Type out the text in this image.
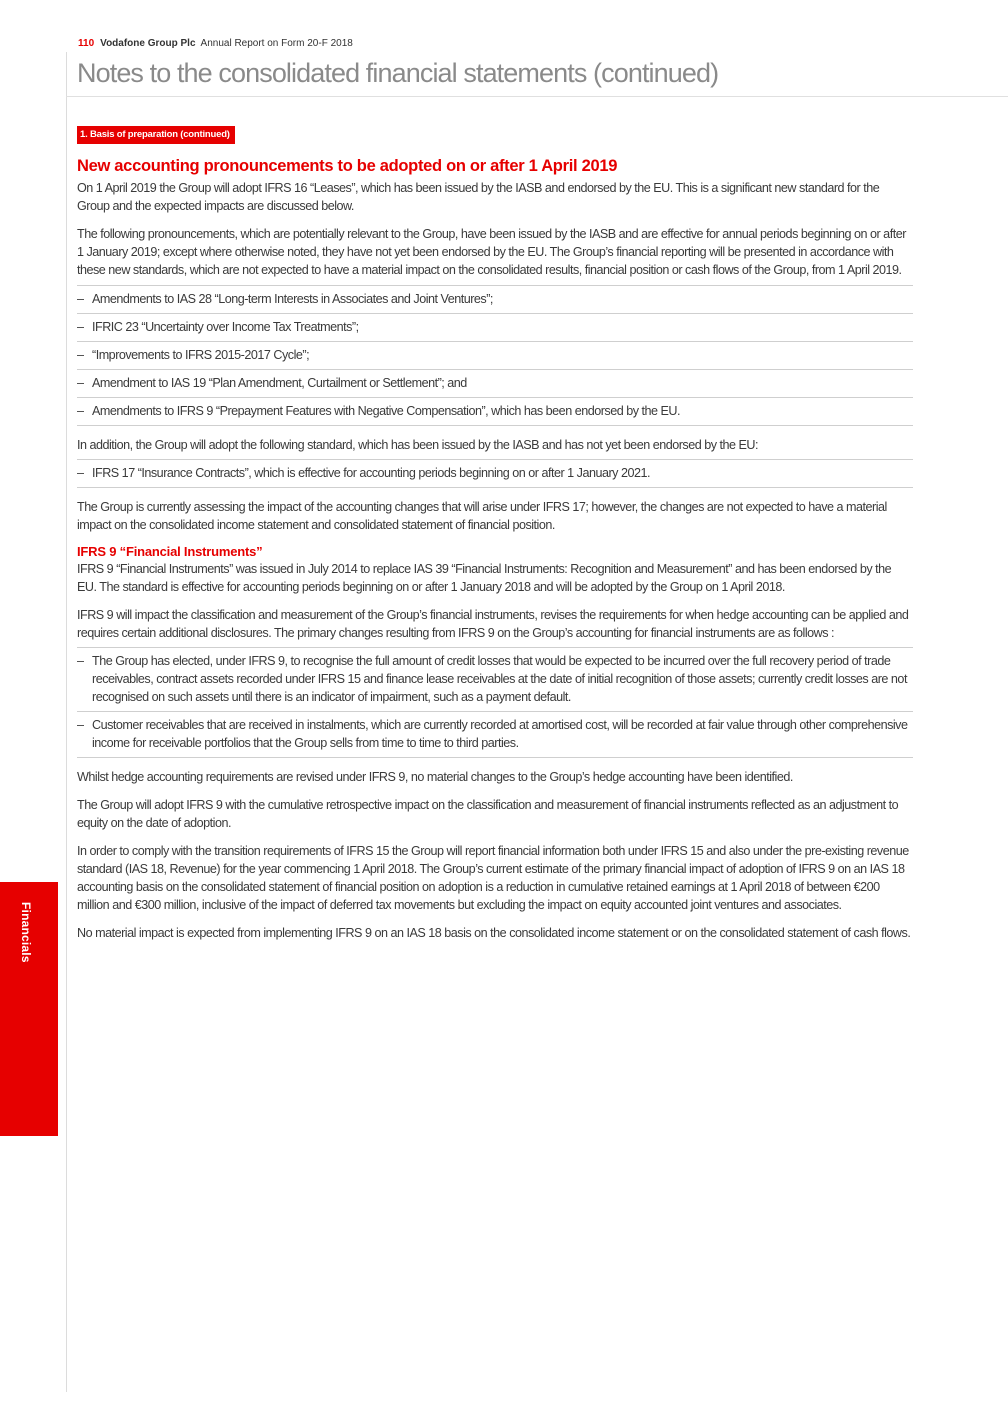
110 Vodafone Group Plc Annual Report on Form 20-F 2018
Notes to the consolidated financial statements (continued)
1. Basis of preparation (continued)
New accounting pronouncements to be adopted on or after 1 April 2019

On 1 April 2019 the Group will adopt IFRS 16 “Leases”, which has been issued by the IASB and endorsed by the EU. This is a significant new standard for the Group and the expected impacts are discussed below.

The following pronouncements, which are potentially relevant to the Group, have been issued by the IASB and are effective for annual periods beginning on or after 1 January 2019; except where otherwise noted, they have not yet been endorsed by the EU. The Group’s financial reporting will be presented in accordance with these new standards, which are not expected to have a material impact on the consolidated results, financial position or cash flows of the Group, from 1 April 2019.

– Amendments to IAS 28 “Long-term Interests in Associates and Joint Ventures”;
– IFRIC 23 “Uncertainty over Income Tax Treatments”;
– “Improvements to IFRS 2015-2017 Cycle”;
– Amendment to IAS 19 “Plan Amendment, Curtailment or Settlement”; and
– Amendments to IFRS 9 “Prepayment Features with Negative Compensation”, which has been endorsed by the EU.

In addition, the Group will adopt the following standard, which has been issued by the IASB and has not yet been endorsed by the EU:

– IFRS 17 “Insurance Contracts”, which is effective for accounting periods beginning on or after 1 January 2021.

The Group is currently assessing the impact of the accounting changes that will arise under IFRS 17; however, the changes are not expected to have a material impact on the consolidated income statement and consolidated statement of financial position.

IFRS 9 “Financial Instruments”

IFRS 9 “Financial Instruments” was issued in July 2014 to replace IAS 39 “Financial Instruments: Recognition and Measurement” and has been endorsed by the EU. The standard is effective for accounting periods beginning on or after 1 January 2018 and will be adopted by the Group on 1 April 2018.

IFRS 9 will impact the classification and measurement of the Group’s financial instruments, revises the requirements for when hedge accounting can be applied and requires certain additional disclosures. The primary changes resulting from IFRS 9 on the Group’s accounting for financial instruments are as follows :

– The Group has elected, under IFRS 9, to recognise the full amount of credit losses that would be expected to be incurred over the full recovery period of trade receivables, contract assets recorded under IFRS 15 and finance lease receivables at the date of initial recognition of those assets; currently credit losses are not recognised on such assets until there is an indicator of impairment, such as a payment default.
– Customer receivables that are received in instalments, which are currently recorded at amortised cost, will be recorded at fair value through other comprehensive income for receivable portfolios that the Group sells from time to time to third parties.

Whilst hedge accounting requirements are revised under IFRS 9, no material changes to the Group’s hedge accounting have been identified.

The Group will adopt IFRS 9 with the cumulative retrospective impact on the classification and measurement of financial instruments reflected as an adjustment to equity on the date of adoption.

In order to comply with the transition requirements of IFRS 15 the Group will report financial information both under IFRS 15 and also under the pre-existing revenue standard (IAS 18, Revenue) for the year commencing 1 April 2018. The Group’s current estimate of the primary financial impact of adoption of IFRS 9 on an IAS 18 accounting basis on the consolidated statement of financial position on adoption is a reduction in cumulative retained earnings at 1 April 2018 of between €200 million and €300 million, inclusive of the impact of deferred tax movements but excluding the impact on equity accounted joint ventures and associates.

No material impact is expected from implementing IFRS 9 on an IAS 18 basis on the consolidated income statement or on the consolidated statement of cash flows.

Financials
